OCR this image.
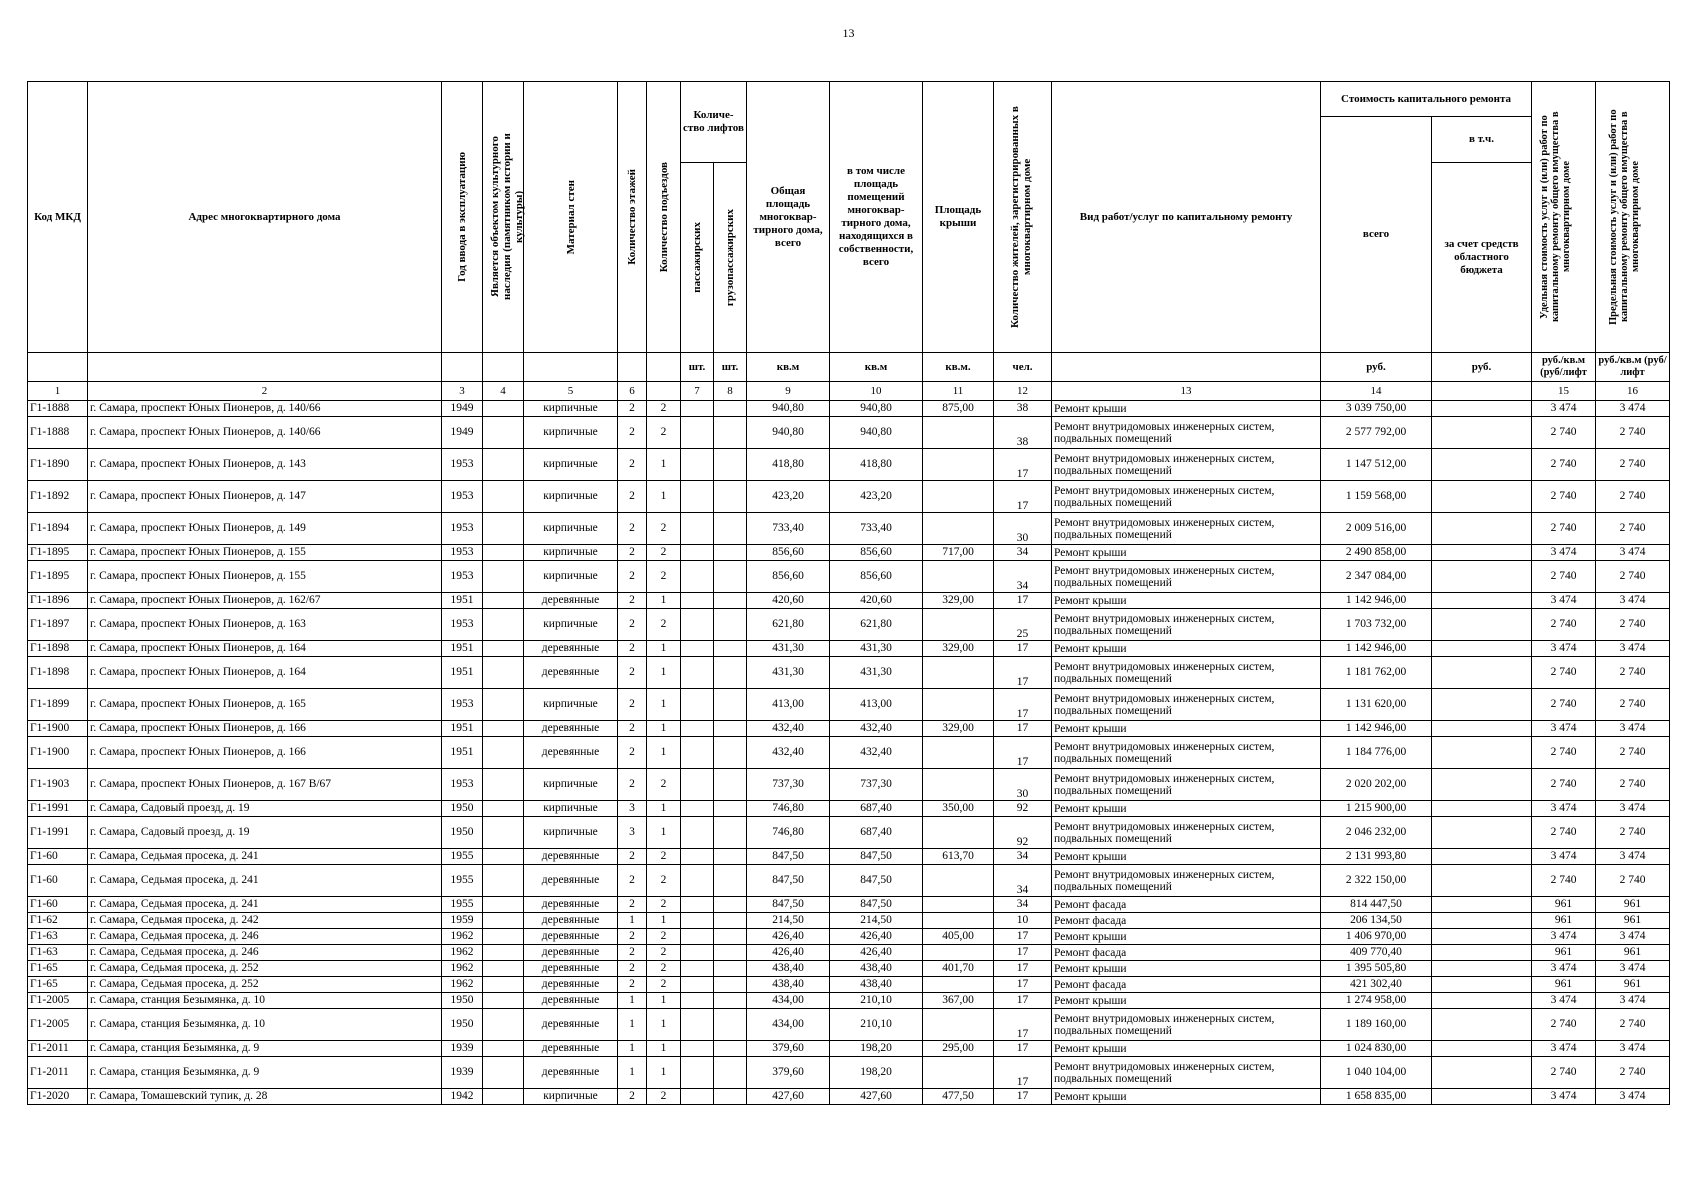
13
Код МКД	Адрес многоквартирного дома	Год ввода в эксплуатацию	Является объектом культурного наследия (памятником истории и культуры)	Материал стен	Количество этажей	Количество подъездов	Количе-ство лифтов		Общая площадь многоквар-тирного дома, всего	в том числе площадь помещений многоквар-тирного дома, находящихся в собственности, всего	Площадь крыши	Количество жителей, зарегистрированных в многоквартирном доме	Вид работ/услуг по капитальному ремонту	Стоимость капитального ремонта		Удельная стоимость услуг и (или) работ по капитальному ремонту общего имущества в многоквартирном доме	Предельная стоимость услуг и (или) работ по капитальному ремонту общего имущества в многоквартирном доме

														всего	в т.ч.		

							пассажирских	грузопассажирских							за счет средств областного бюджета		
							шт.	шт.	кв.м	кв.м	кв.м.	чел.		руб.	руб.	руб./кв.м (руб/лифт	руб./кв.м (руб/лифт
1	2	3	4	5	6		7	8	9	10	11	12	13	14		15	16
Г1-1888	г. Самара, проспект Юных Пионеров, д. 140/66	1949		кирпичные	2	2			940,80	940,80	875,00	38	Ремонт крыши	3 039 750,00		3 474	3 474
Г1-1888	г. Самара, проспект Юных Пионеров, д. 140/66	1949		кирпичные	2	2			940,80	940,80		38	Ремонт внутридомовых инженерных систем, подвальных помещений	2 577 792,00		2 740	2 740
Г1-1890	г. Самара, проспект Юных Пионеров, д. 143	1953		кирпичные	2	1			418,80	418,80		17	Ремонт внутридомовых инженерных систем, подвальных помещений	1 147 512,00		2 740	2 740
Г1-1892	г. Самара, проспект Юных Пионеров, д. 147	1953		кирпичные	2	1			423,20	423,20		17	Ремонт внутридомовых инженерных систем, подвальных помещений	1 159 568,00		2 740	2 740
Г1-1894	г. Самара, проспект Юных Пионеров, д. 149	1953		кирпичные	2	2			733,40	733,40		30	Ремонт внутридомовых инженерных систем, подвальных помещений	2 009 516,00		2 740	2 740
Г1-1895	г. Самара, проспект Юных Пионеров, д. 155	1953		кирпичные	2	2			856,60	856,60	717,00	34	Ремонт крыши	2 490 858,00		3 474	3 474
Г1-1895	г. Самара, проспект Юных Пионеров, д. 155	1953		кирпичные	2	2			856,60	856,60		34	Ремонт внутридомовых инженерных систем, подвальных помещений	2 347 084,00		2 740	2 740
Г1-1896	г. Самара, проспект Юных Пионеров, д. 162/67	1951		деревянные	2	1			420,60	420,60	329,00	17	Ремонт крыши	1 142 946,00		3 474	3 474
Г1-1897	г. Самара, проспект Юных Пионеров, д. 163	1953		кирпичные	2	2			621,80	621,80		25	Ремонт внутридомовых инженерных систем, подвальных помещений	1 703 732,00		2 740	2 740
Г1-1898	г. Самара, проспект Юных Пионеров, д. 164	1951		деревянные	2	1			431,30	431,30	329,00	17	Ремонт крыши	1 142 946,00		3 474	3 474
Г1-1898	г. Самара, проспект Юных Пионеров, д. 164	1951		деревянные	2	1			431,30	431,30		17	Ремонт внутридомовых инженерных систем, подвальных помещений	1 181 762,00		2 740	2 740
Г1-1899	г. Самара, проспект Юных Пионеров, д. 165	1953		кирпичные	2	1			413,00	413,00		17	Ремонт внутридомовых инженерных систем, подвальных помещений	1 131 620,00		2 740	2 740
Г1-1900	г. Самара, проспект Юных Пионеров, д. 166	1951		деревянные	2	1			432,40	432,40	329,00	17	Ремонт крыши	1 142 946,00		3 474	3 474
Г1-1900	г. Самара, проспект Юных Пионеров, д. 166	1951		деревянные	2	1			432,40	432,40		17	Ремонт внутридомовых инженерных систем, подвальных помещений	1 184 776,00		2 740	2 740
Г1-1903	г. Самара, проспект Юных Пионеров, д. 167 В/67	1953		кирпичные	2	2			737,30	737,30		30	Ремонт внутридомовых инженерных систем, подвальных помещений	2 020 202,00		2 740	2 740
Г1-1991	г. Самара, Садовый проезд, д. 19	1950		кирпичные	3	1			746,80	687,40	350,00	92	Ремонт крыши	1 215 900,00		3 474	3 474
Г1-1991	г. Самара, Садовый проезд, д. 19	1950		кирпичные	3	1			746,80	687,40		92	Ремонт внутридомовых инженерных систем, подвальных помещений	2 046 232,00		2 740	2 740
Г1-60	г. Самара, Седьмая просека, д. 241	1955		деревянные	2	2			847,50	847,50	613,70	34	Ремонт крыши	2 131 993,80		3 474	3 474
Г1-60	г. Самара, Седьмая просека, д. 241	1955		деревянные	2	2			847,50	847,50		34	Ремонт внутридомовых инженерных систем, подвальных помещений	2 322 150,00		2 740	2 740
Г1-60	г. Самара, Седьмая просека, д. 241	1955		деревянные	2	2			847,50	847,50		34	Ремонт фасада	814 447,50		961	961
Г1-62	г. Самара, Седьмая просека, д. 242	1959		деревянные	1	1			214,50	214,50		10	Ремонт фасада	206 134,50		961	961
Г1-63	г. Самара, Седьмая просека, д. 246	1962		деревянные	2	2			426,40	426,40	405,00	17	Ремонт крыши	1 406 970,00		3 474	3 474
Г1-63	г. Самара, Седьмая просека, д. 246	1962		деревянные	2	2			426,40	426,40		17	Ремонт фасада	409 770,40		961	961
Г1-65	г. Самара, Седьмая просека, д. 252	1962		деревянные	2	2			438,40	438,40	401,70	17	Ремонт крыши	1 395 505,80		3 474	3 474
Г1-65	г. Самара, Седьмая просека, д. 252	1962		деревянные	2	2			438,40	438,40		17	Ремонт фасада	421 302,40		961	961
Г1-2005	г. Самара, станция Безымянка, д. 10	1950		деревянные	1	1			434,00	210,10	367,00	17	Ремонт крыши	1 274 958,00		3 474	3 474
Г1-2005	г. Самара, станция Безымянка, д. 10	1950		деревянные	1	1			434,00	210,10		17	Ремонт внутридомовых инженерных систем, подвальных помещений	1 189 160,00		2 740	2 740
Г1-2011	г. Самара, станция Безымянка, д. 9	1939		деревянные	1	1			379,60	198,20	295,00	17	Ремонт крыши	1 024 830,00		3 474	3 474
Г1-2011	г. Самара, станция Безымянка, д. 9	1939		деревянные	1	1			379,60	198,20		17	Ремонт внутридомовых инженерных систем, подвальных помещений	1 040 104,00		2 740	2 740
Г1-2020	г. Самара, Томашевский тупик, д. 28	1942		кирпичные	2	2			427,60	427,60	477,50	17	Ремонт крыши	1 658 835,00		3 474	3 474
